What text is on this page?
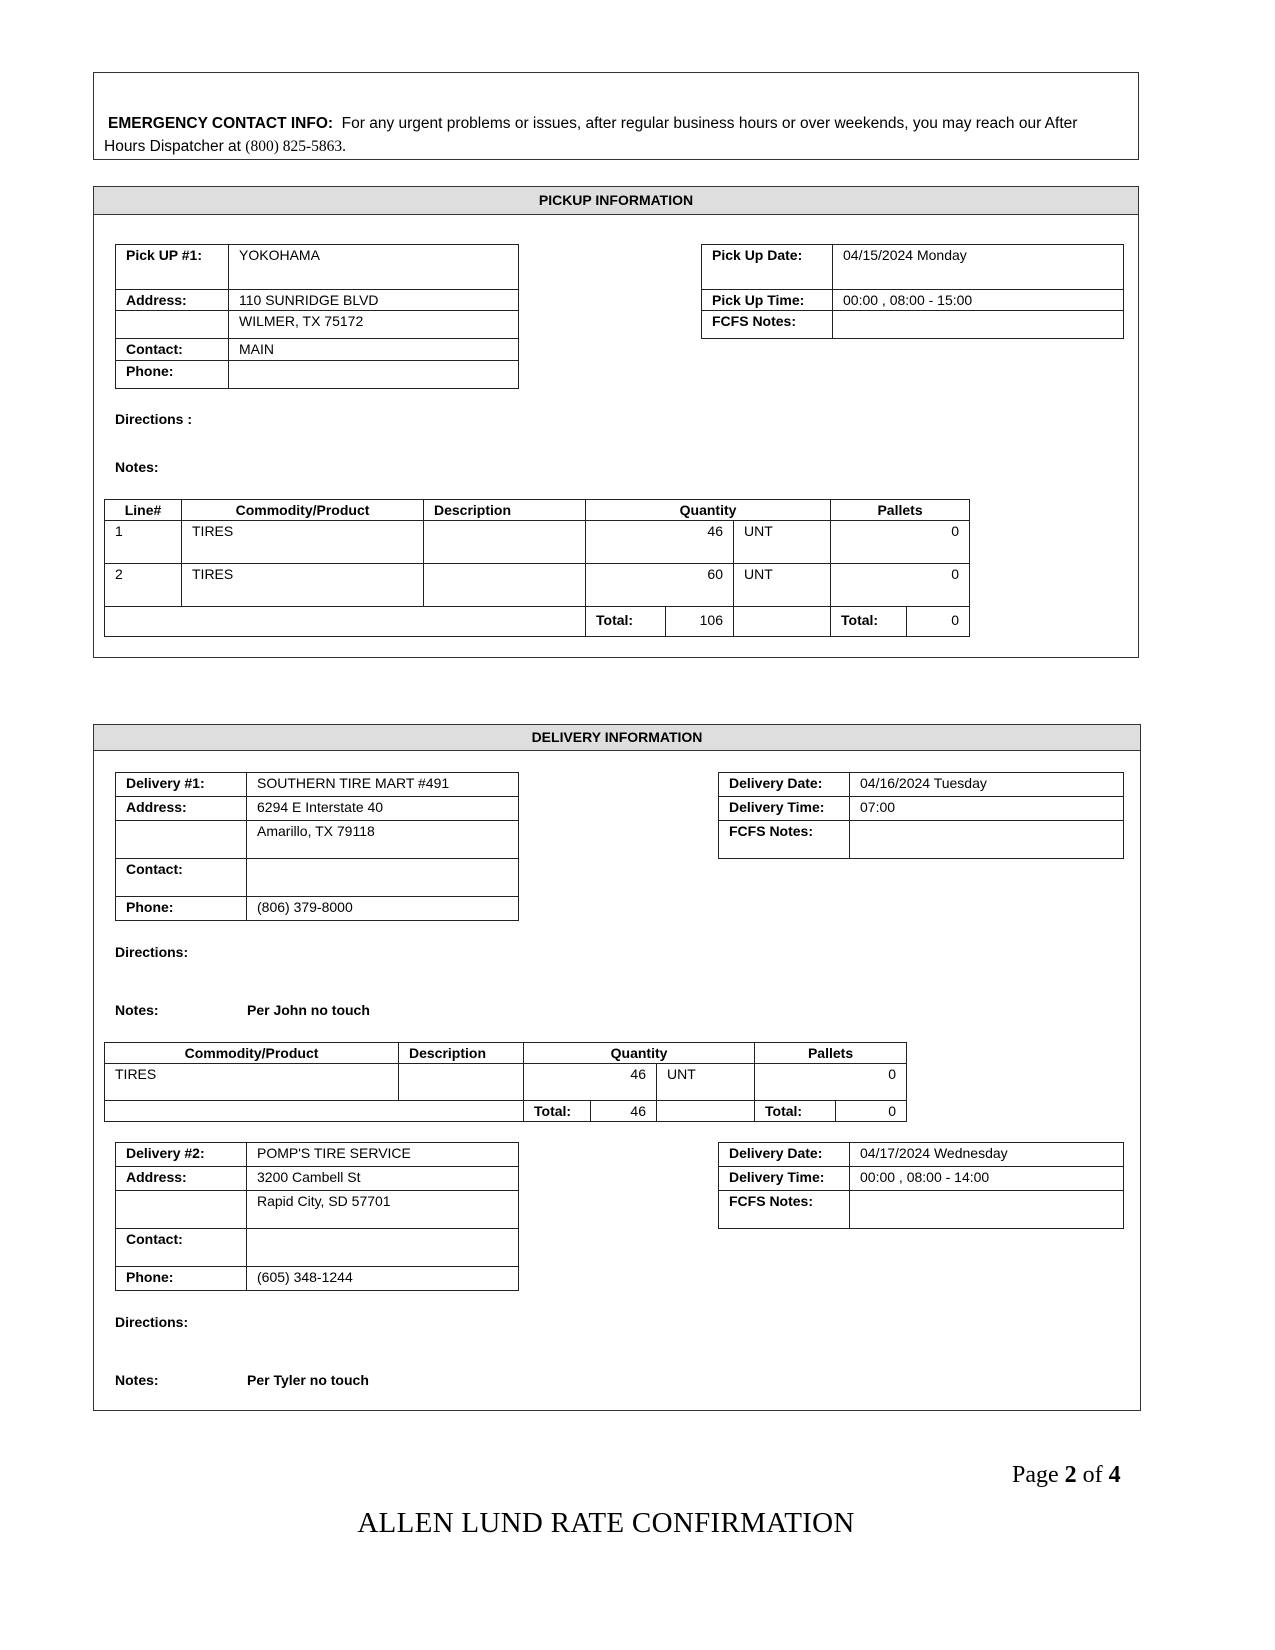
EMERGENCY CONTACT INFO: For any urgent problems or issues, after regular business hours or over weekends, you may reach our After
Hours Dispatcher at (800) 825-5863.
PICKUP INFORMATION
Pick UP #1:	YOKOHAMA
Address:	110 SUNRIDGE BLVD
	WILMER, TX 75172
Contact:	MAIN
Phone:	
Pick Up Date:	04/15/2024 Monday
Pick Up Time:	00:00 , 08:00 - 15:00
FCFS Notes:	
Directions :
Notes:
Line#	Commodity/Product	Description	Quantity			Pallets	
1	TIRES		46		UNT	0	
2	TIRES		60		UNT	0	
			Total:	106		Total:	0
DELIVERY INFORMATION
Delivery #1:	SOUTHERN TIRE MART #491
Address:	6294 E Interstate 40
	Amarillo, TX 79118
Contact:	
Phone:	(806) 379-8000
Delivery Date:	04/16/2024 Tuesday
Delivery Time:	07:00
FCFS Notes:	
Directions:
Notes:	Per John no touch
Commodity/Product	Description	Quantity			Pallets	
TIRES		46		UNT	0	
		Total:	46		Total:	0
Delivery #2:	POMP'S TIRE SERVICE
Address:	3200 Cambell St
	Rapid City, SD 57701
Contact:	
Phone:	(605) 348-1244
Delivery Date:	04/17/2024 Wednesday
Delivery Time:	00:00 , 08:00 - 14:00
FCFS Notes:	
Directions:
Notes:	Per Tyler no touch
Page 2 of 4
ALLEN LUND RATE CONFIRMATION
